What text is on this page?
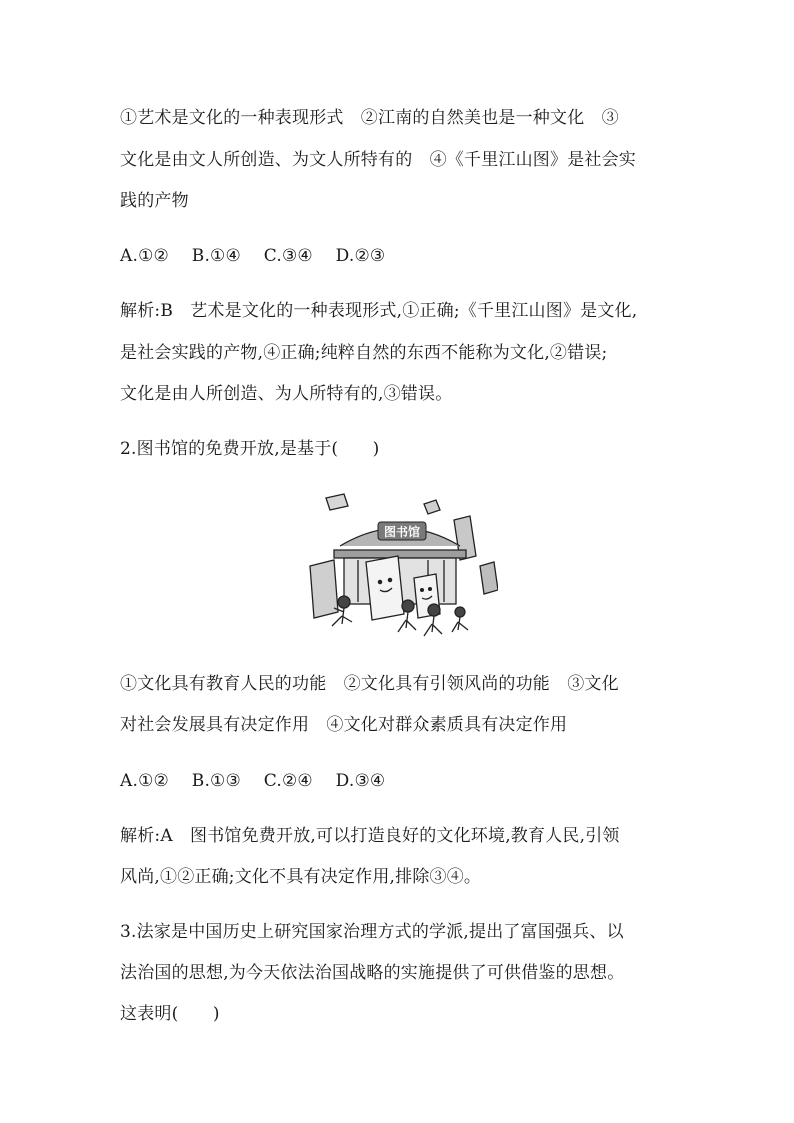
①艺术是文化的一种表现形式　②江南的自然美也是一种文化　③
文化是由文人所创造、为文人所特有的　④《千里江山图》是社会实
践的产物
A.①②　 B.①④　 C.③④　 D.②③
解析:B　艺术是文化的一种表现形式,①正确;《千里江山图》是文化,
是社会实践的产物,④正确;纯粹自然的东西不能称为文化,②错误;
文化是由人所创造、为人所特有的,③错误。
2.图书馆的免费开放,是基于(　　)
图书馆
①文化具有教育人民的功能　②文化具有引领风尚的功能　③文化
对社会发展具有决定作用　④文化对群众素质具有决定作用
A.①②　 B.①③　 C.②④　 D.③④
解析:A　图书馆免费开放,可以打造良好的文化环境,教育人民,引领
风尚,①②正确;文化不具有决定作用,排除③④。
3.法家是中国历史上研究国家治理方式的学派,提出了富国强兵、以
法治国的思想,为今天依法治国战略的实施提供了可供借鉴的思想。
这表明(　　)
